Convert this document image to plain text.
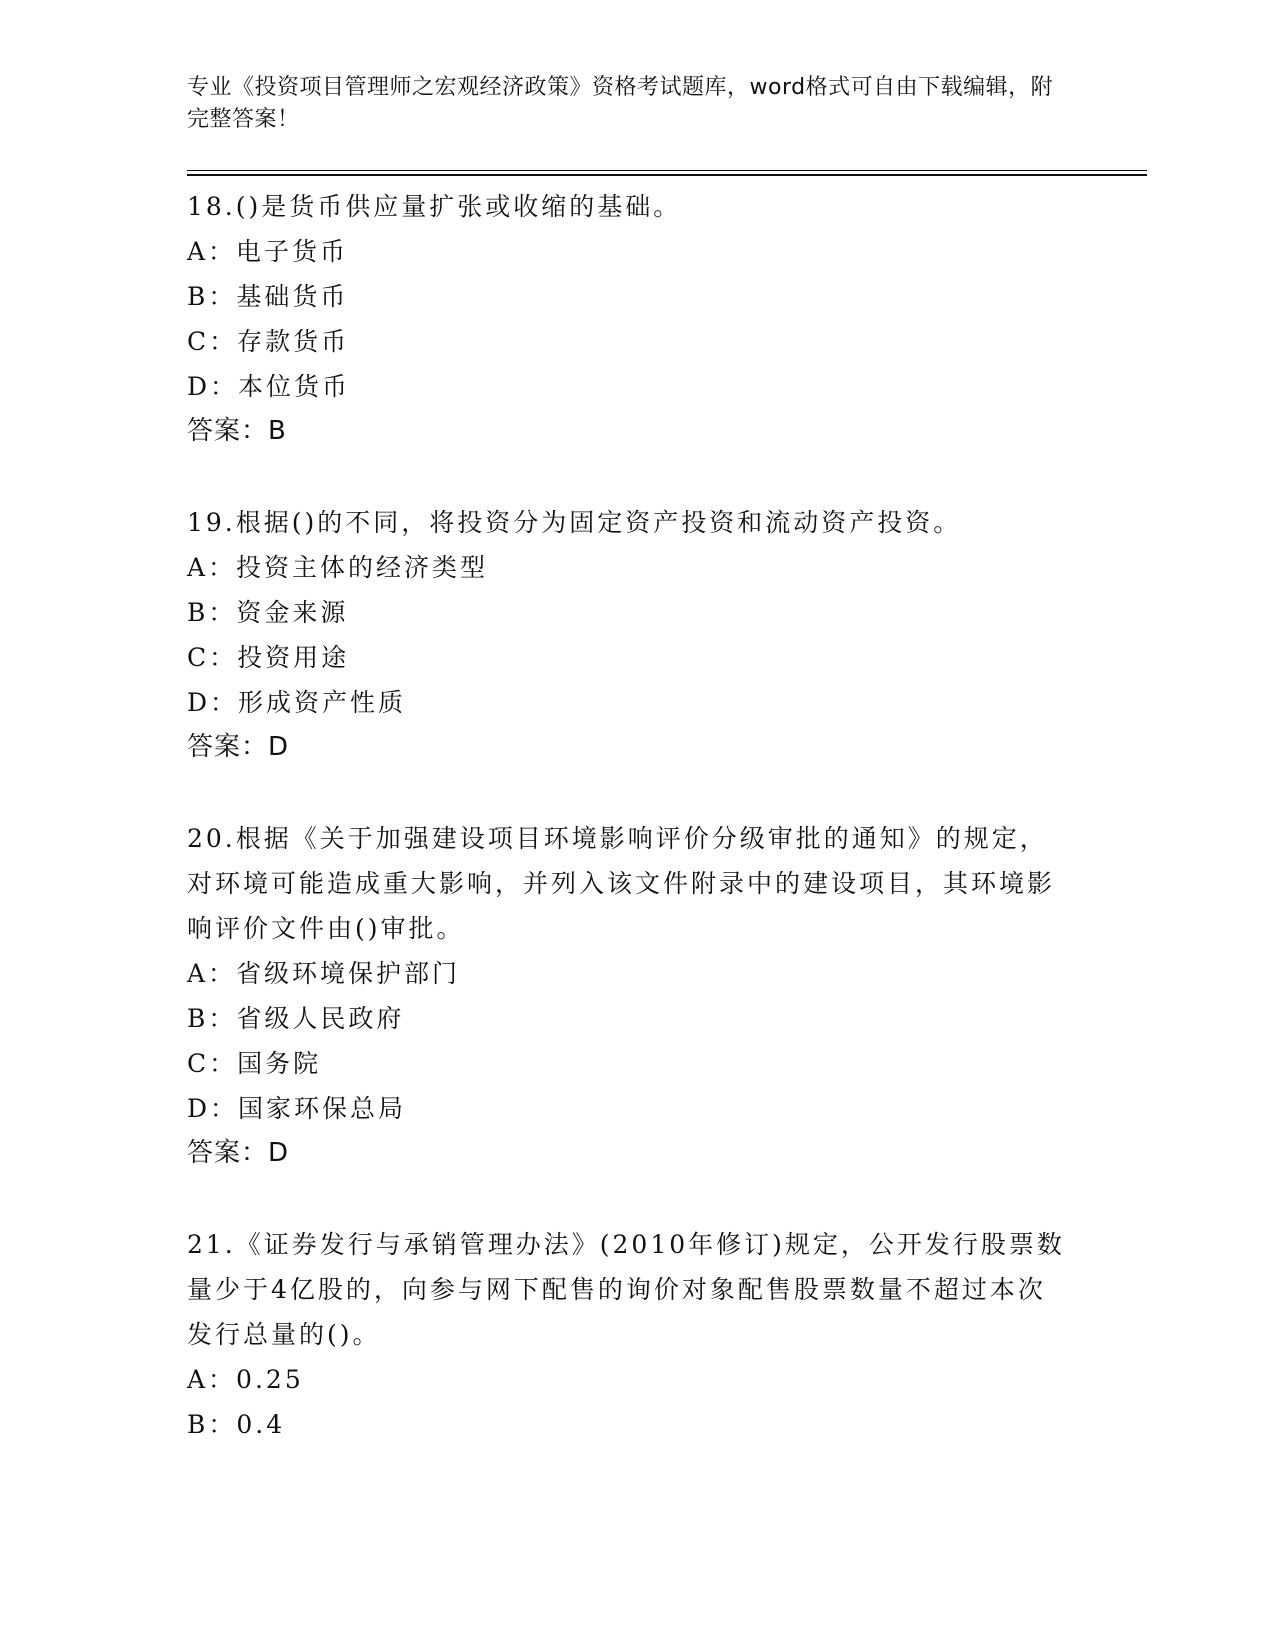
专业《投资项目管理师之宏观经济政策》资格考试题库，word格式可自由下载编辑，附完整答案！
18.()是货币供应量扩张或收缩的基础。
A：电子货币
B：基础货币
C：存款货币
D：本位货币
答案：B
19.根据()的不同，将投资分为固定资产投资和流动资产投资。
A：投资主体的经济类型
B：资金来源
C：投资用途
D：形成资产性质
答案：D
20.根据《关于加强建设项目环境影响评价分级审批的通知》的规定，对环境可能造成重大影响，并列入该文件附录中的建设项目，其环境影响评价文件由()审批。
A：省级环境保护部门
B：省级人民政府
C：国务院
D：国家环保总局
答案：D
21.《证券发行与承销管理办法》(2010年修订)规定，公开发行股票数量少于4亿股的，向参与网下配售的询价对象配售股票数量不超过本次发行总量的()。
A：0.25
B：0.4
